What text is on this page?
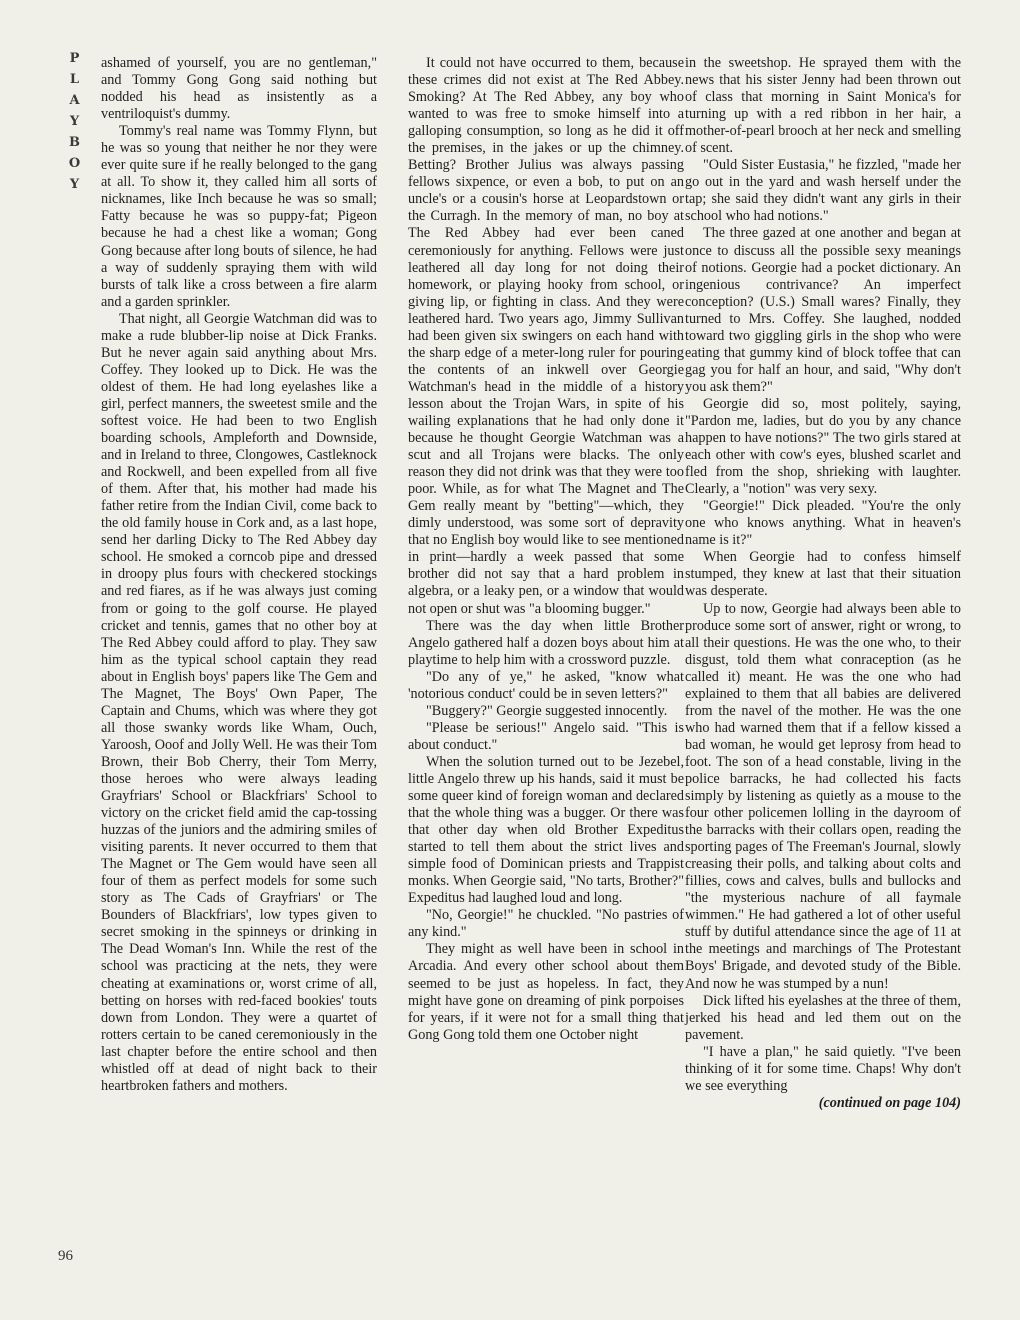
P
L
A
Y
B
O
Y

ashamed of yourself, you are no gentleman," and Tommy Gong Gong said nothing but nodded his head as insistently as a ventriloquist's dummy.

Tommy's real name was Tommy Flynn, but he was so young that neither he nor they were ever quite sure if he really belonged to the gang at all. To show it, they called him all sorts of nicknames, like Inch because he was so small; Fatty because he was so puppy-fat; Pigeon because he had a chest like a woman; Gong Gong because after long bouts of silence, he had a way of suddenly spraying them with wild bursts of talk like a cross between a fire alarm and a garden sprinkler.

That night, all Georgie Watchman did was to make a rude blubber-lip noise at Dick Franks. But he never again said anything about Mrs. Coffey. They looked up to Dick. He was the oldest of them. He had long eyelashes like a girl, perfect manners, the sweetest smile and the softest voice. He had been to two English boarding schools, Ampleforth and Downside, and in Ireland to three, Clongowes, Castleknock and Rockwell, and been expelled from all five of them. After that, his mother had made his father retire from the Indian Civil, come back to the old family house in Cork and, as a last hope, send her darling Dicky to The Red Abbey day school. He smoked a corncob pipe and dressed in droopy plus fours with checkered stockings and red fiares, as if he was always just coming from or going to the golf course. He played cricket and tennis, games that no other boy at The Red Abbey could afford to play. They saw him as the typical school captain they read about in English boys' papers like The Gem and The Magnet, The Boys' Own Paper, The Captain and Chums, which was where they got all those swanky words like Wham, Ouch, Yaroosh, Ooof and Jolly Well. He was their Tom Brown, their Bob Cherry, their Tom Merry, those heroes who were always leading Grayfriars' School or Blackfriars' School to victory on the cricket field amid the cap-tossing huzzas of the juniors and the admiring smiles of visiting parents. It never occurred to them that The Magnet or The Gem would have seen all four of them as perfect models for some such story as The Cads of Grayfriars' or The Bounders of Blackfriars', low types given to secret smoking in the spinneys or drinking in The Dead Woman's Inn. While the rest of the school was practicing at the nets, they were cheating at examinations or, worst crime of all, betting on horses with red-faced bookies' touts down from London. They were a quartet of rotters certain to be caned ceremoniously in the last chapter before the entire school and then whistled off at dead of night back to their heartbroken fathers and mothers.

It could not have occurred to them, because these crimes did not exist at The Red Abbey. Smoking? At The Red Abbey, any boy who wanted to was free to smoke himself into a galloping consumption, so long as he did it off the premises, in the jakes or up the chimney. Betting? Brother Julius was always passing fellows sixpence, or even a bob, to put on an uncle's or a cousin's horse at Leopardstown or the Curragh. In the memory of man, no boy at The Red Abbey had ever been caned ceremoniously for anything. Fellows were just leathered all day long for not doing their homework, or playing hooky from school, or giving lip, or fighting in class. And they were leathered hard. Two years ago, Jimmy Sullivan had been given six swingers on each hand with the sharp edge of a meter-long ruler for pouring the contents of an inkwell over Georgie Watchman's head in the middle of a history lesson about the Trojan Wars, in spite of his wailing explanations that he had only done it because he thought Georgie Watchman was a scut and all Trojans were blacks. The only reason they did not drink was that they were too poor. While, as for what The Magnet and The Gem really meant by "betting"—which, they dimly understood, was some sort of depravity that no English boy would like to see mentioned in print—hardly a week passed that some brother did not say that a hard problem in algebra, or a leaky pen, or a window that would not open or shut was "a blooming bugger."

There was the day when little Brother Angelo gathered half a dozen boys about him at playtime to help him with a crossword puzzle.

"Do any of ye," he asked, "know what 'notorious conduct' could be in seven letters?"

"Buggery?" Georgie suggested innocently.

"Please be serious!" Angelo said. "This is about conduct."

When the solution turned out to be Jezebel, little Angelo threw up his hands, said it must be some queer kind of foreign woman and declared that the whole thing was a bugger. Or there was that other day when old Brother Expeditus started to tell them about the strict lives and simple food of Dominican priests and Trappist monks. When Georgie said, "No tarts, Brother?" Expeditus had laughed loud and long.

"No, Georgie!" he chuckled. "No pastries of any kind."

They might as well have been in school in Arcadia. And every other school about them seemed to be just as hopeless. In fact, they might have gone on dreaming of pink porpoises for years, if it were not for a small thing that Gong Gong told them one October night

in the sweetshop. He sprayed them with the news that his sister Jenny had been thrown out of class that morning in Saint Monica's for turning up with a red ribbon in her hair, a mother-of-pearl brooch at her neck and smelling of scent.

"Ould Sister Eustasia," he fizzled, "made her go out in the yard and wash herself under the tap; she said they didn't want any girls in their school who had notions."

The three gazed at one another and began at once to discuss all the possible sexy meanings of notions. Georgie had a pocket dictionary. An ingenious contrivance? An imperfect conception? (U.S.) Small wares? Finally, they turned to Mrs. Coffey. She laughed, nodded toward two giggling girls in the shop who were eating that gummy kind of block toffee that can gag you for half an hour, and said, "Why don't you ask them?"

Georgie did so, most politely, saying, "Pardon me, ladies, but do you by any chance happen to have notions?" The two girls stared at each other with cow's eyes, blushed scarlet and fled from the shop, shrieking with laughter. Clearly, a "notion" was very sexy.

"Georgie!" Dick pleaded. "You're the only one who knows anything. What in heaven's name is it?"

When Georgie had to confess himself stumped, they knew at last that their situation was desperate.

Up to now, Georgie had always been able to produce some sort of answer, right or wrong, to all their questions. He was the one who, to their disgust, told them what conraception (as he called it) meant. He was the one who had explained to them that all babies are delivered from the navel of the mother. He was the one who had warned them that if a fellow kissed a bad woman, he would get leprosy from head to foot. The son of a head constable, living in the police barracks, he had collected his facts simply by listening as quietly as a mouse to the four other policemen lolling in the dayroom of the barracks with their collars open, reading the sporting pages of The Freeman's Journal, slowly creasing their polls, and talking about colts and fillies, cows and calves, bulls and bullocks and "the mysterious nachure of all faymale wimmen." He had gathered a lot of other useful stuff by dutiful attendance since the age of 11 at the meetings and marchings of The Protestant Boys' Brigade, and devoted study of the Bible. And now he was stumped by a nun!

Dick lifted his eyelashes at the three of them, jerked his head and led them out on the pavement.

"I have a plan," he said quietly. "I've been thinking of it for some time. Chaps! Why don't we see everything

(continued on page 104)

96
